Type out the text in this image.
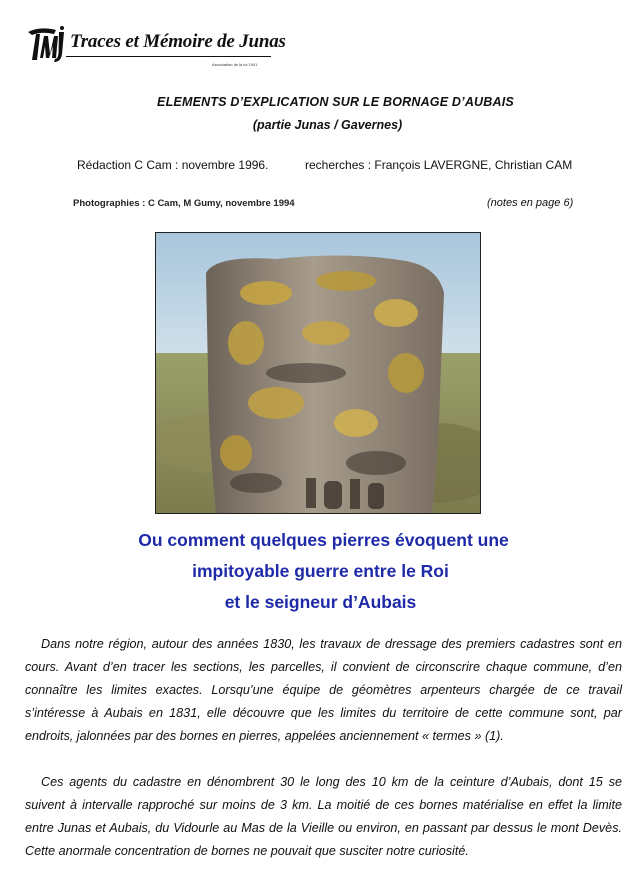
Traces et Mémoire de Junas
Association de la loi 1901
ELEMENTS D’EXPLICATION SUR LE BORNAGE D’AUBAIS
(partie Junas / Gavernes)
Rédaction C Cam : novembre 1996.	recherches : François LAVERGNE, Christian CAM
Photographies : C Cam, M Gumy, novembre 1994	(notes en page 6)
Ou comment quelques pierres évoquent une
impitoyable guerre entre le Roi
et le seigneur d’Aubais
Dans notre région, autour des années 1830, les travaux de dressage des premiers cadastres sont en cours. Avant d’en tracer les sections, les parcelles, il convient de circonscrire chaque commune, d’en connaître les limites exactes. Lorsqu’une équipe de géomètres arpenteurs chargée de ce travail s’intéresse à Aubais en 1831, elle découvre que les limites du territoire de cette commune sont, par endroits, jalonnées par des bornes en pierres, appelées anciennement « termes » (1).
Ces agents du cadastre en dénombrent 30 le long des 10 km de la ceinture d’Aubais, dont 15 se suivent à intervalle rapproché sur moins de 3 km. La moitié de ces bornes matérialise en effet la limite entre Junas et Aubais, du Vidourle au Mas de la Vieille ou environ, en passant par dessus le mont Devès. Cette anormale concentration de bornes ne pouvait que susciter notre curiosité.
